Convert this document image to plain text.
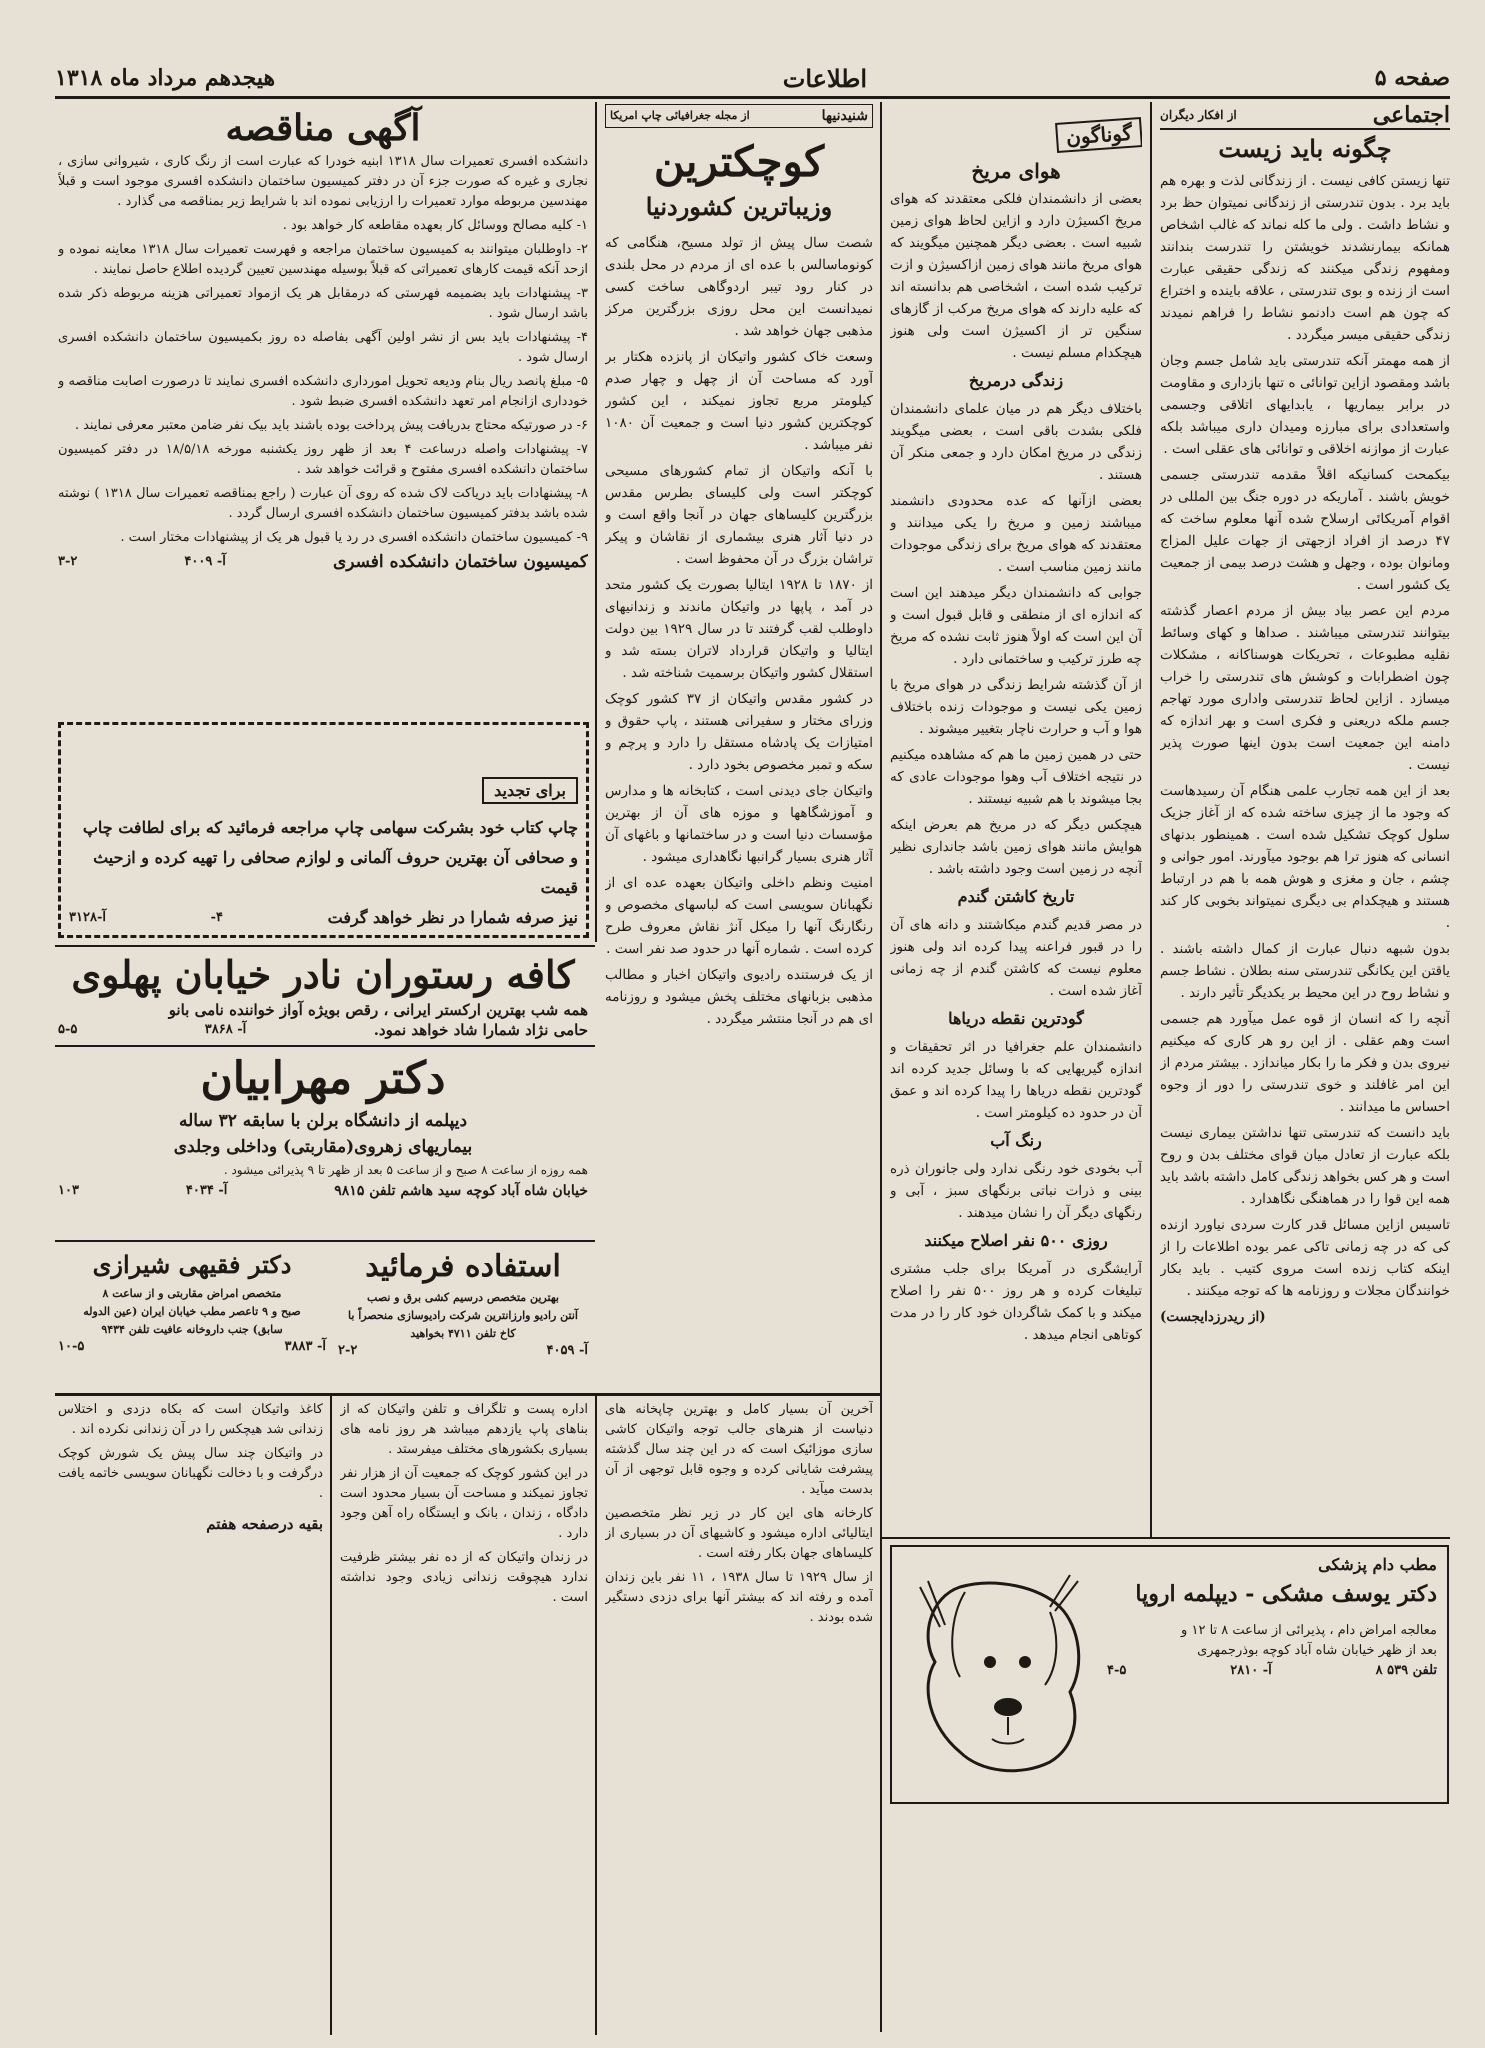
صفحه ۵
اطلاعات
هیجدهم مرداد ماه ۱۳۱۸
اجتماعی
از افکار دیگران
چگونه باید زیست

تنها زیستن کافی نیست . از زندگانی لذت و بهره هم باید برد . بدون تندرستی از زندگانی نمیتوان حظ برد و نشاط داشت . ولی ما کله نماند که غالب اشخاص همانکه بیمارنشدند خویشتن را تندرست بندانند ومفهوم زندگی میکنند که زندگی حقیقی عبارت است از زنده و بوی تندرستی ، علاقه باینده و اختراع که چون هم است دادنمو نشاط را فراهم نمیدند زندگی حقیقی میسر میگردد .

از همه مهمتر آنکه تندرستی باید شامل جسم وجان باشد ومقصود ازاین توانائی ه تنها بازداری و مقاومت در برابر بیماریها ، یابدایهای اتلاقی وجسمی واستعدادی برای مبارزه ومیدان داری میباشد بلکه عبارت از موازنه اخلاقی و توانائی های عقلی است .

بیکمحت کسانیکه اقلاً مقدمه تندرستی جسمی خویش باشند . آماریکه در دوره جنگ بین المللی در اقوام آمریکائی ارسلاح شده آنها معلوم ساخت که ۴۷ درصد از افراد ازجهتی از جهات عليل المزاج ومانوان بوده ، وجهل و هشت درصد بیمی از جمعیت یک کشور است .

مردم این عصر بیاد بیش از مردم اعصار گذشته بیتوانند تندرستی میباشند . صداها و کهای وسائط نقلیه مطبوعات ، تحریکات هوسناکانه ، مشکلات چون اضطرابات و کوشش های تندرستی را خراب میسازد . ازاین لحاظ تندرستی واداری مورد تهاجم جسم ملکه دریعنی و فکری است و بهر اندازه که دامنه این جمعیت است بدون اینها صورت پذیر نیست .

بعد از این همه تجارب علمی هنگام آن رسیدهاست که وجود ما از چیزی ساخته شده که از آغاز جزیک سلول کوچک تشکیل شده است . همینطور بدنهای انسانی که هنوز ترا هم بوجود میآورند. امور جوانی و چشم ، جان و مغزی و هوش همه با هم در ارتباط هستند و هیچکدام بی دیگری نمیتواند بخوبی کار کند .

بدون شبهه دنبال عبارت از کمال داشته باشند . ياقتن این یکانگی تندرستی سنه بطلان . نشاط جسم و نشاط روح در این محیط بر یکدیگر تأثیر دارند .

آنچه را که انسان از قوه عمل میآورد هم جسمی است وهم عقلی . از این رو هر کاری که میکنیم نیروی بدن و فکر ما را بکار میاندازد . بیشتر مردم از این امر غافلند و خوی تندرستی را دور از وجوه احساس ما میدانند .

باید دانست که تندرستی تنها نداشتن بیماری نیست بلکه عبارت از تعادل میان قوای مختلف بدن و روح است و هر کس بخواهد زندگی کامل داشته باشد باید همه این قوا را در هماهنگی نگاهدارد .

تاسیس ازاین مسائل قدر کارت سردی نیاورد ازنده کی که در چه زمانی تاکی عمر بوده اطلاعات را از اینکه کتاب زنده است مروی کتیب . باید بکار خوانندگان مجلات و روزنامه ها که توجه میکنند .

(از ریدرزدایجست)

گوناگون
هوای مریخ

بعضی از دانشمندان فلکی معتقدند که هوای مریخ اکسیژن دارد و ازاین لحاظ هوای زمین شبیه است . بعضی دیگر همچنین میگویند که هوای مریخ مانند هوای زمین ازاکسیژن و ازت ترکیب شده است ، اشخاصی هم بدانسته اند که علیه دارند که هوای مریخ مرکب از گازهای سنگین تر از اکسیژن است ولی هنوز هیچکدام مسلم نیست .

زندگی درمریخ

باختلاف دیگر هم در میان علمای دانشمندان فلکی بشدت باقی است ، بعضی میگویند زندگی در مریخ امکان دارد و جمعی منکر آن هستند .

بعضی ازآنها که عده محدودی دانشمند میباشند زمین و مریخ را یکی میدانند و معتقدند که هوای مریخ برای زندگی موجودات مانند زمین مناسب است .

جوابی که دانشمندان دیگر میدهند این است که اندازه ای از منطقی و قابل قبول است و آن این است که اولاً هنوز ثابت نشده که مریخ چه طرز ترکیب و ساختمانی دارد .

از آن گذشته شرایط زندگی در هوای مریخ با زمین یکی نیست و موجودات زنده باختلاف هوا و آب و حرارت ناچار بتغییر میشوند .

حتی در همین زمین ما هم که مشاهده میکنیم در نتیجه اختلاف آب وهوا موجودات عادی که بجا میشوند با هم شبیه نیستند .

هیچکس دیگر که در مریخ هم بعرض اینکه هوایش مانند هوای زمین باشد جانداری نظیر آنچه در زمین است وجود داشته باشد .

تاریخ کاشتن گندم

در مصر قدیم گندم میکاشتند و دانه های آن را در قبور فراعنه پیدا کرده اند ولی هنوز معلوم نیست که کاشتن گندم از چه زمانی آغاز شده است .

گودترین نقطه دریاها

دانشمندان علم جغرافیا در اثر تحقیقات و اندازه گیریهایی که با وسائل جدید کرده اند گودترین نقطه دریاها را پیدا کرده اند و عمق آن در حدود ده کیلومتر است .

رنگ آب

آب بخودی خود رنگی ندارد ولی جانوران ذره بینی و ذرات نباتی برنگهای سبز ، آبی و رنگهای دیگر آن را نشان میدهند .

روزی ۵۰۰ نفر اصلاح میکنند

آرایشگری در آمریکا برای جلب مشتری تبلیغات کرده و هر روز ۵۰۰ نفر را اصلاح میکند و با کمک شاگردان خود کار را در مدت کوتاهی انجام میدهد .

شنیدنیها
از مجله جغرافیائی چاپ امریکا
کوچکترین
وزیباترین کشوردنیا

شصت سال پیش از تولد مسیح، هنگامی که کونوماسالس با عده ای از مردم در محل بلندی در کنار رود تیبر اردوگاهی ساخت کسی نمیدانست این محل روزی بزرگترین مرکز مذهبی جهان خواهد شد .

وسعت خاک کشور واتیکان از پانزده هکتار بر آورد که مساحت آن از چهل و چهار صدم کیلومتر مربع تجاوز نمیکند ، این کشور کوچکترین کشور دنیا است و جمعیت آن ۱۰۸۰ نفر میباشد .

با آنکه واتیکان از تمام کشورهای مسیحی کوچکتر است ولی کلیسای بطرس مقدس بزرگترین کلیساهای جهان در آنجا واقع است و در دنیا آثار هنری بیشماری از نقاشان و پیکر تراشان بزرگ در آن محفوظ است .

از ۱۸۷۰ تا ۱۹۲۸ ایتالیا بصورت یک کشور متحد در آمد ، پاپها در واتیکان ماندند و زندانیهای داوطلب لقب گرفتند تا در سال ۱۹۲۹ بین دولت ایتالیا و واتیکان قرارداد لاتران بسته شد و استقلال کشور واتیکان برسمیت شناخته شد .

در کشور مقدس واتیکان از ۳۷ کشور کوچک وزرای مختار و سفیرانی هستند ، پاپ حقوق و امتیازات یک پادشاه مستقل را دارد و پرچم و سکه و تمبر مخصوص بخود دارد .

واتیکان جای دیدنی است ، کتابخانه ها و مدارس و آموزشگاهها و موزه های آن از بهترین مؤسسات دنیا است و در ساختمانها و باغهای آن آثار هنری بسیار گرانبها نگاهداری میشود .

امنیت ونظم داخلی واتیکان بعهده عده ای از نگهبانان سویسی است که لباسهای مخصوص و رنگارنگ آنها را میکل آنژ نقاش معروف طرح کرده است . شماره آنها در حدود صد نفر است .

از یک فرستنده رادیوی واتیکان اخبار و مطالب مذهبی بزبانهای مختلف پخش میشود و روزنامه ای هم در آنجا منتشر میگردد .

آگهی مناقصه

دانشکده افسری تعمیرات سال ۱۳۱۸ ابنیه خودرا که عبارت است از رنگ کاری ، شیروانی سازی ، نجاری و غیره که صورت جزء آن در دفتر کمیسیون ساختمان دانشکده افسری موجود است و قبلاً مهندسین مربوطه موارد تعمیرات را ارزیابی نموده اند با شرایط زیر بمناقصه می گذارد .

۱- کلیه مصالح ووسائل کار بعهده مقاطعه کار خواهد بود .

۲- داوطلبان میتوانند به کمیسیون ساختمان مراجعه و فهرست تعمیرات سال ۱۳۱۸ معاینه نموده و ازحد آنکه قیمت کارهای تعمیراتی که قبلاً بوسیله مهندسین تعیین گردیده اطلاع حاصل نمایند .

۳- پیشنهادات باید بضمیمه فهرستی که درمقابل هر یک ازمواد تعمیراتی هزینه مربوطه ذکر شده باشد ارسال شود .

۴- پیشنهادات باید بس از نشر اولین آگهی بفاصله ده روز بکمیسیون ساختمان دانشکده افسری ارسال شود .

۵- مبلغ پانصد ریال بنام ودیعه تحویل امورداری دانشکده افسری نمایند تا درصورت اصابت مناقصه و خودداری ازانجام امر تعهد دانشکده افسری ضبط شود .

۶- در صورتیکه محتاج بدریافت پیش پرداخت بوده باشند باید بیک نفر ضامن معتبر معرفی نمایند .

۷- پیشنهادات واصله درساعت ۴ بعد از ظهر روز یکشنبه مورخه ۱۸/۵/۱۸ در دفتر کمیسیون ساختمان دانشکده افسری مفتوح و قرائت خواهد شد .

۸- پیشنهادات باید دریاکت لاک شده که روی آن عبارت ( راجع بمناقصه تعمیرات سال ۱۳۱۸ ) نوشته شده باشد بدفتر کمیسیون ساختمان دانشکده افسری ارسال گردد .

۹- کمیسیون ساختمان دانشکده افسری در رد یا قبول هر یک از پیشنهادات مختار است .

کمیسیون ساختمان دانشکده افسری
آ- ۴۰۰۹
۳-۲
برای تجدید
چاپ کتاب خود بشرکت سهامی چاپ مراجعه فرمائید که برای لطافت چاپ
و صحافی آن بهترین حروف آلمانی و لوازم صحافی را تهیه کرده و ازحیث قیمت
نیز صرفه شمارا در نظر خواهد گرفت
۴-
آ-۳۱۲۸
کافه رستوران نادر خیابان پهلوی
همه شب بهترین ارکستر ایرانی ، رقص بویژه آواز خواننده نامی بانو
حامی نژاد شمارا شاد خواهد نمود.
آ- ۳۸۶۸
۵-۵
دکتر مهرابیان
دیپلمه از دانشگاه برلن با سابقه ۳۲ ساله
بیماریهای زهروی(مقاربتی) وداخلی وجلدی
همه روزه از ساعت ۸ صبح و از ساعت ۵ بعد از ظهر تا ۹ پذیرائی میشود .
خیابان شاه آباد کوچه سید هاشم تلفن ۹۸۱۵
آ- ۴۰۳۴
۱۰۳
استفاده فرمائید
بهترین متخصص درسیم کشی برق و نصب
آنتن رادیو وارزانترین شرکت رادیوسازی منحصراً با
کاخ تلفن ۴۷۱۱ بخواهید
آ- ۴۰۵۹
۲-۲
دکتر فقیهی شیرازی
متخصص امراض مقاربتی و از ساعت ۸
صبح و ۹ تاعصر مطب خیابان ایران (عین الدوله
سابق) جنب داروخانه عافیت تلفن ۹۴۳۴
آ- ۳۸۸۳
۱۰-۵

آخرین آن بسیار کامل و بهترین چاپخانه های دنیاست از هنرهای جالب توجه واتیکان کاشی سازی موزائیک است که در این چند سال گذشته پیشرفت شایانی کرده و وجوه قابل توجهی از آن بدست میآید .

کارخانه های این کار در زیر نظر متخصصین ایتالیائی اداره میشود و کاشیهای آن در بسیاری از کلیساهای جهان بکار رفته است .

از سال ۱۹۲۹ تا سال ۱۹۳۸ ، ۱۱ نفر باین زندان آمده و رفته اند که بیشتر آنها برای دزدی دستگیر شده بودند .

اداره پست و تلگراف و تلفن واتیکان که از بناهای پاپ یازدهم میباشد هر روز نامه های بسیاری بکشورهای مختلف میفرستد .

در این کشور کوچک که جمعیت آن از هزار نفر تجاوز نمیکند و مساحت آن بسیار محدود است دادگاه ، زندان ، بانک و ایستگاه راه آهن وجود دارد .

در زندان واتیکان که از ده نفر بیشتر ظرفیت ندارد هیچوقت زندانی زیادی وجود نداشته است .

کاغذ واتیکان است که بکاه دزدی و اختلاس زندانی شد هیچکس را در آن زندانی نکرده اند .

در واتیکان چند سال پیش یک شورش کوچک درگرفت و با دخالت نگهبانان سویسی خاتمه یافت .

بقیه درصفحه هفتم

مطب دام پزشکی
دکتر یوسف مشکی - دیپلمه اروپا
معالجه امراض دام ، پذیرائی از ساعت ۸ تا ۱۲ و
بعد از ظهر خیابان شاه آباد کوچه بوذرجمهری
تلفن ۵۳۹ ۸
آ- ۲۸۱۰
۴-۵
